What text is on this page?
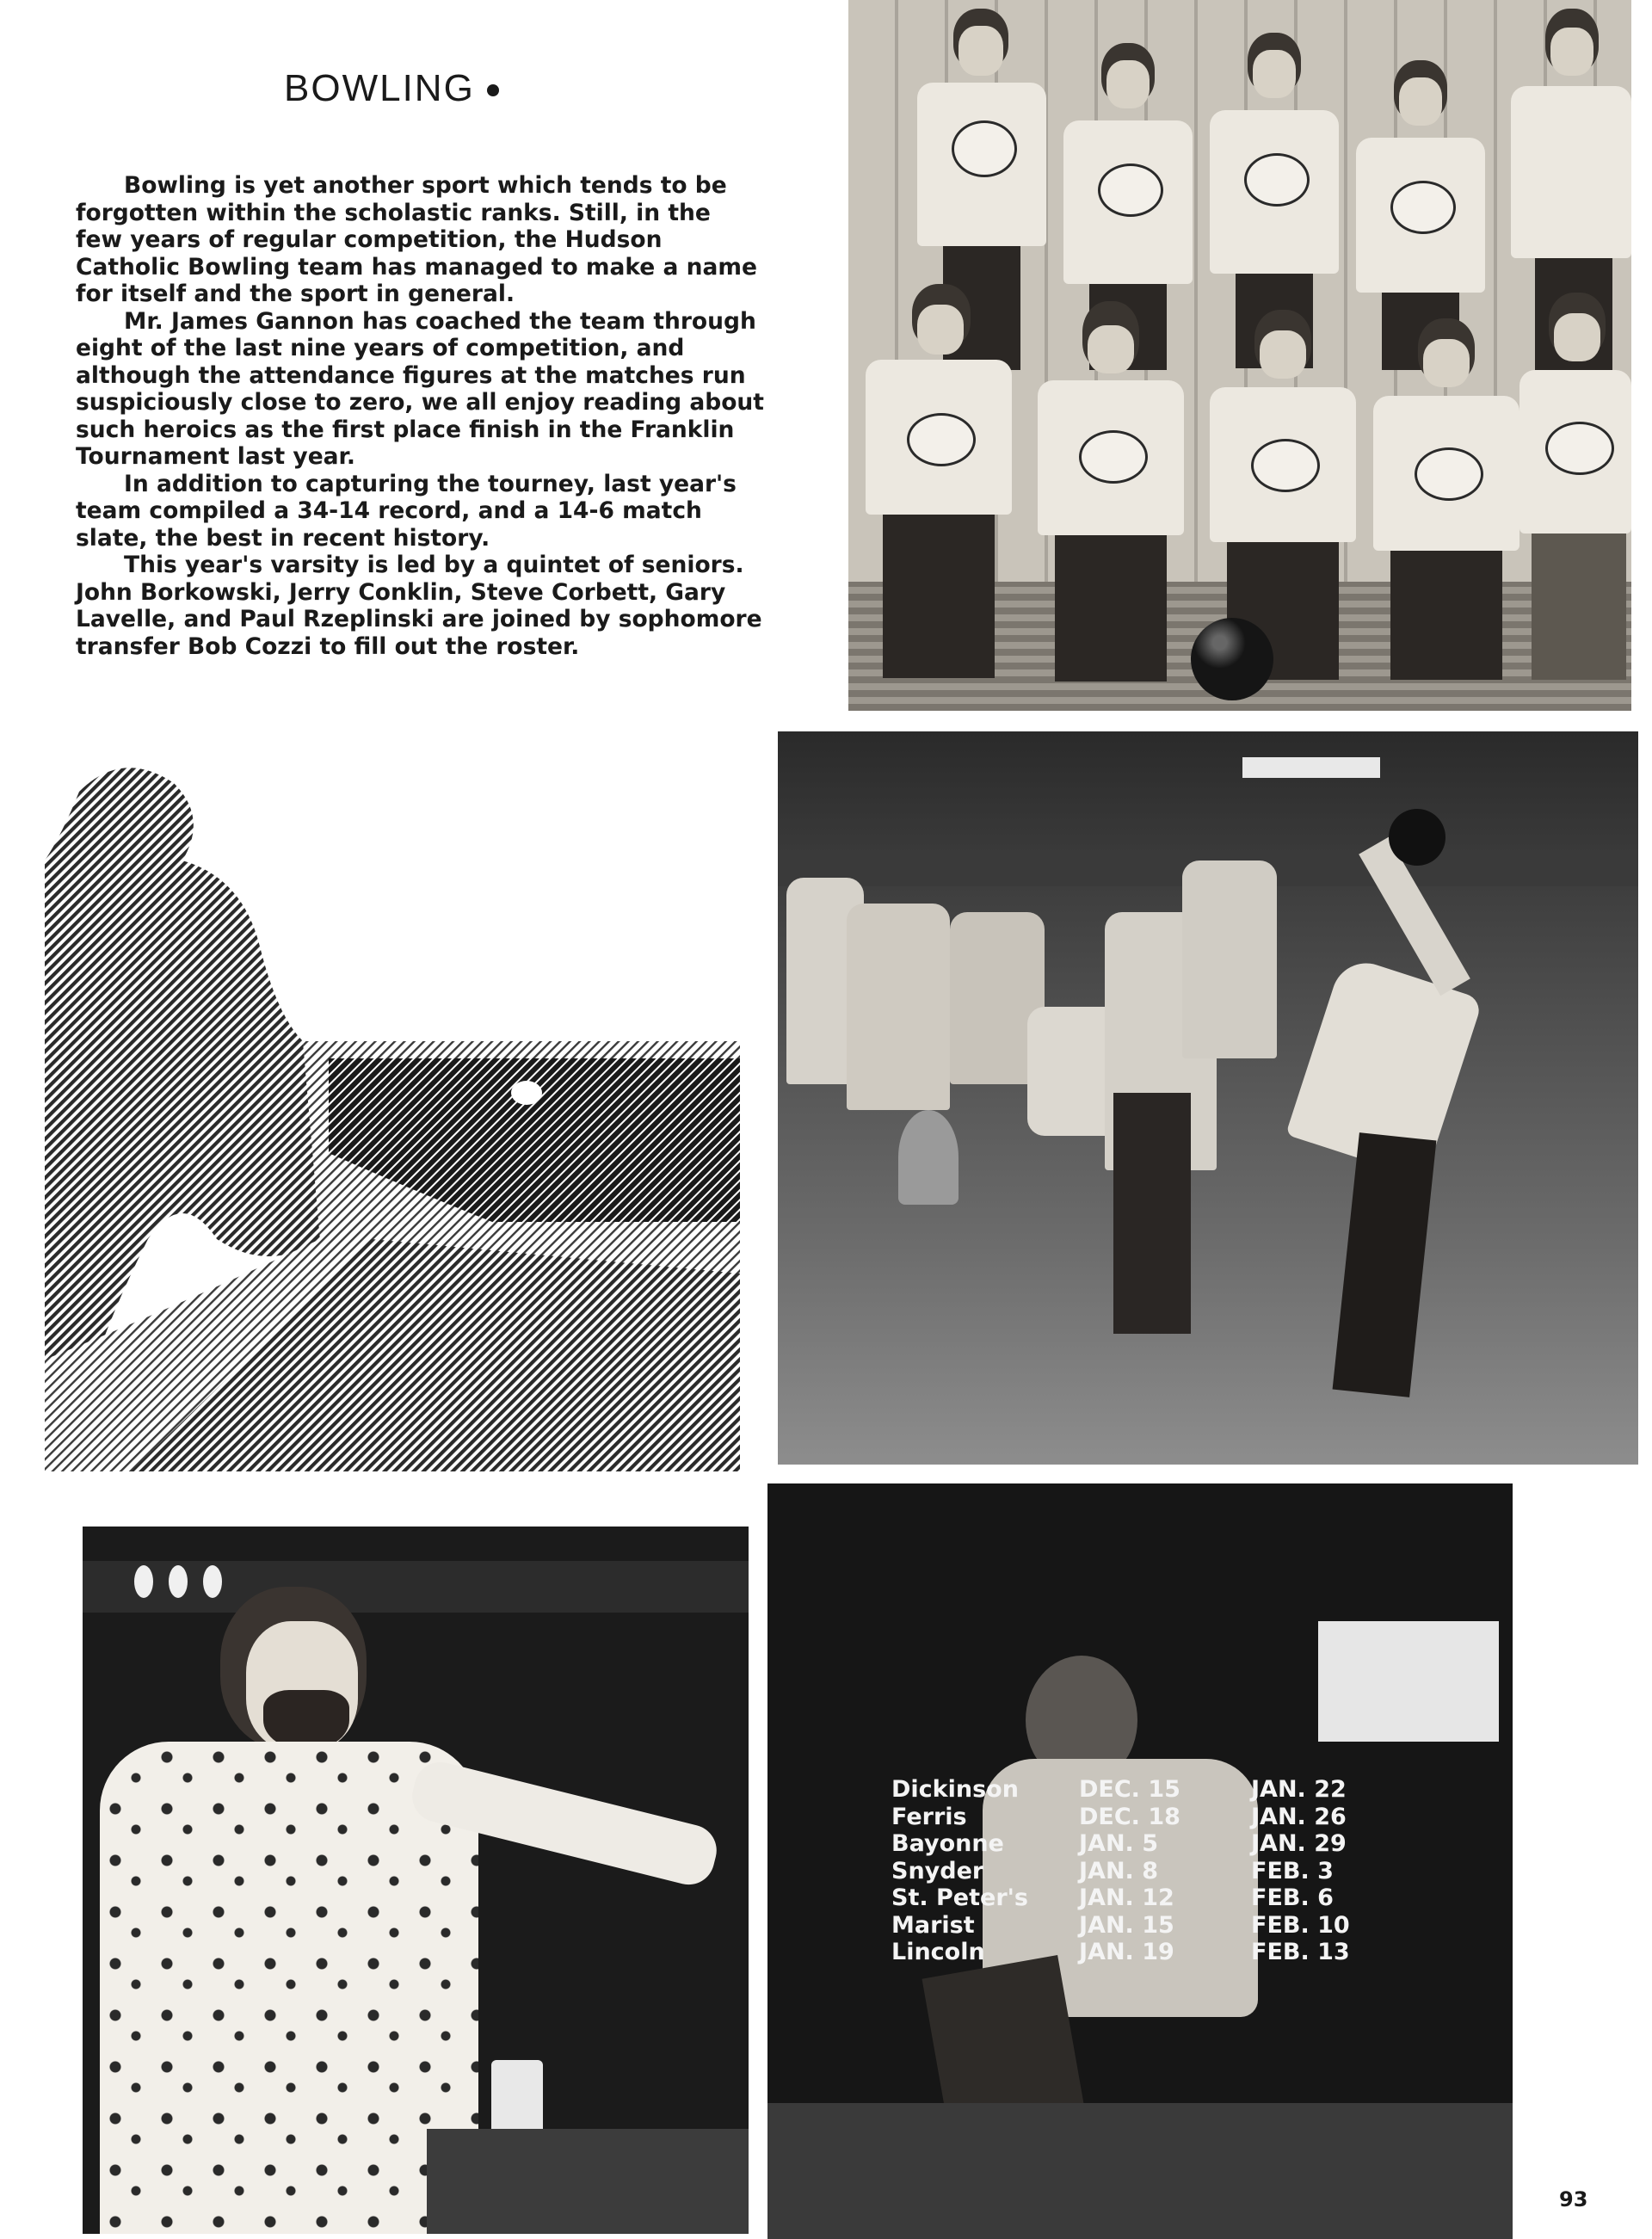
BOWLING

Bowling is yet another sport which tends to be forgotten within the scholastic ranks. Still, in the few years of regular competition, the Hudson Catholic Bowling team has managed to make a name for itself and the sport in general.

Mr. James Gannon has coached the team through eight of the last nine years of competition, and although the attendance figures at the matches run suspiciously close to zero, we all enjoy reading about such heroics as the first place finish in the Franklin Tournament last year.

In addition to capturing the tourney, last year's team compiled a 34-14 record, and a 14-6 match slate, the best in recent history.

This year's varsity is led by a quintet of seniors. John Borkowski, Jerry Conklin, Steve Corbett, Gary Lavelle, and Paul Rzeplinski are joined by sophomore transfer Bob Cozzi to fill out the roster.

Dickinson	DEC. 15	JAN. 22
Ferris	DEC. 18	JAN. 26
Bayonne	JAN. 5	JAN. 29
Snyder	JAN. 8	FEB. 3
St. Peter's JAN. 12	FEB. 6
Marist	JAN. 15	FEB. 10
Lincoln	JAN. 19	FEB. 13
93
